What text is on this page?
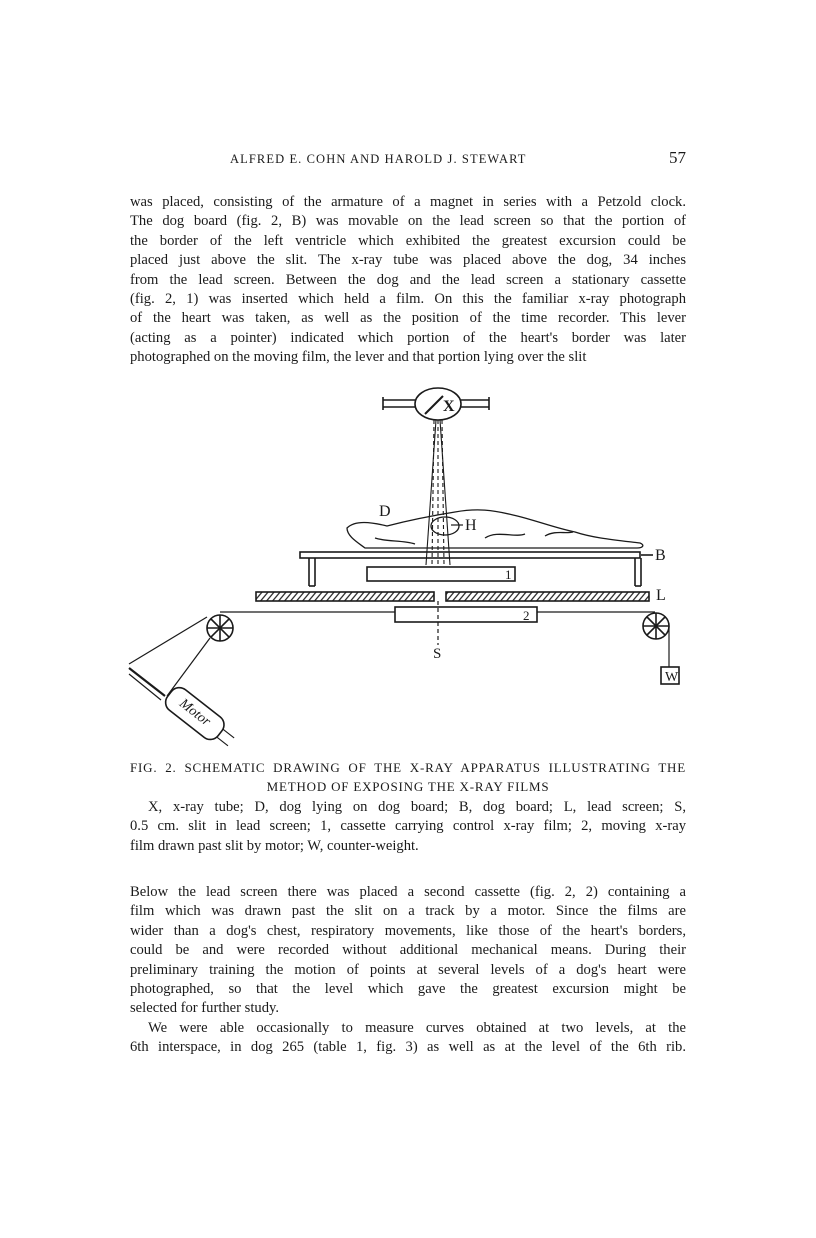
ALFRED E. COHN AND HAROLD J. STEWART	57
was placed, consisting of the armature of a magnet in series with a Petzold clock.
The dog board (fig. 2, B) was movable on the lead screen so that the portion of
the border of the left ventricle which exhibited the greatest excursion could be
placed just above the slit. The x-ray tube was placed above the dog, 34 inches
from the lead screen. Between the dog and the lead screen a stationary cassette
(fig. 2, 1) was inserted which held a film. On this the familiar x-ray photograph
of the heart was taken, as well as the position of the time recorder. This lever
(acting as a pointer) indicated which portion of the heart's border was later
photographed on the moving film, the lever and that portion lying over the slit
X
D
H
B
L
S
1
2
W
Motor
FIG. 2. SCHEMATIC DRAWING OF THE X-RAY APPARATUS ILLUSTRATING THE
METHOD OF EXPOSING THE X-RAY FILMS
X, x-ray tube; D, dog lying on dog board; B, dog board; L, lead screen; S,
0.5 cm. slit in lead screen; 1, cassette carrying control x-ray film; 2, moving x-ray
film drawn past slit by motor; W, counter-weight.
Below the lead screen there was placed a second cassette (fig. 2, 2) containing a
film which was drawn past the slit on a track by a motor. Since the films are
wider than a dog's chest, respiratory movements, like those of the heart's borders,
could be and were recorded without additional mechanical means. During their
preliminary training the motion of points at several levels of a dog's heart were
photographed, so that the level which gave the greatest excursion might be
selected for further study.
We were able occasionally to measure curves obtained at two levels, at the
6th interspace, in dog 265 (table 1, fig. 3) as well as at the level of the 6th rib.
